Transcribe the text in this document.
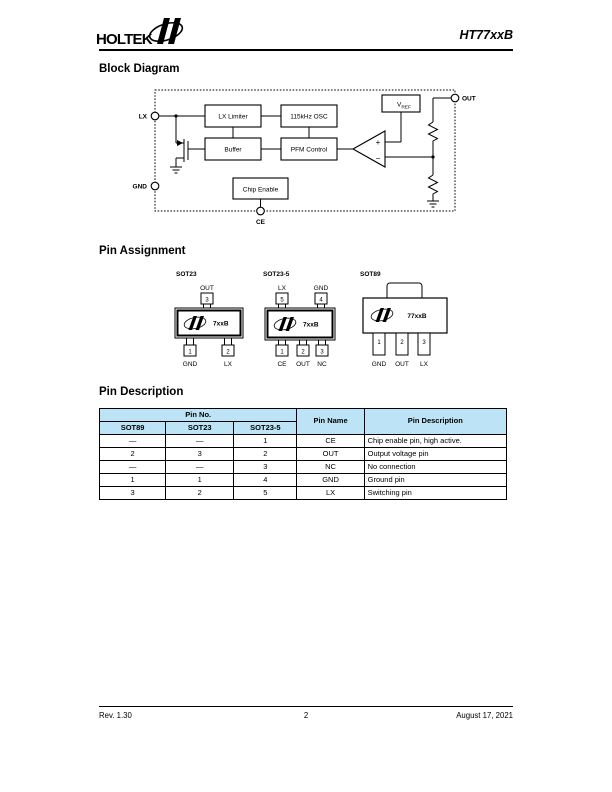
HOLTEK	HT77xxB
Block Diagram
LX Limiter	115kHz OSC
Buffer	PFM Control
Chip Enable
$V_{REF}$
+
−
LX
GND
OUT
CE
Pin Assignment
SOT23
OUT
3
7xxB
1	2
GND	LX
SOT23-5
LX	GND
5	4
7xxB
1	2	3
CE OUT NC
SOT89
77xxB
1	2	3
GND OUT LX
Pin Description
Pin No.			Pin Name	Pin Description
SOT89	SOT23	SOT23-5		
—	—	1	CE	Chip enable pin, high active.
2	3	2	OUT	Output voltage pin
—	—	3	NC	No connection
1	1	4	GND	Ground pin
3	2	5	LX	Switching pin
Rev. 1.30	2	August 17, 2021
